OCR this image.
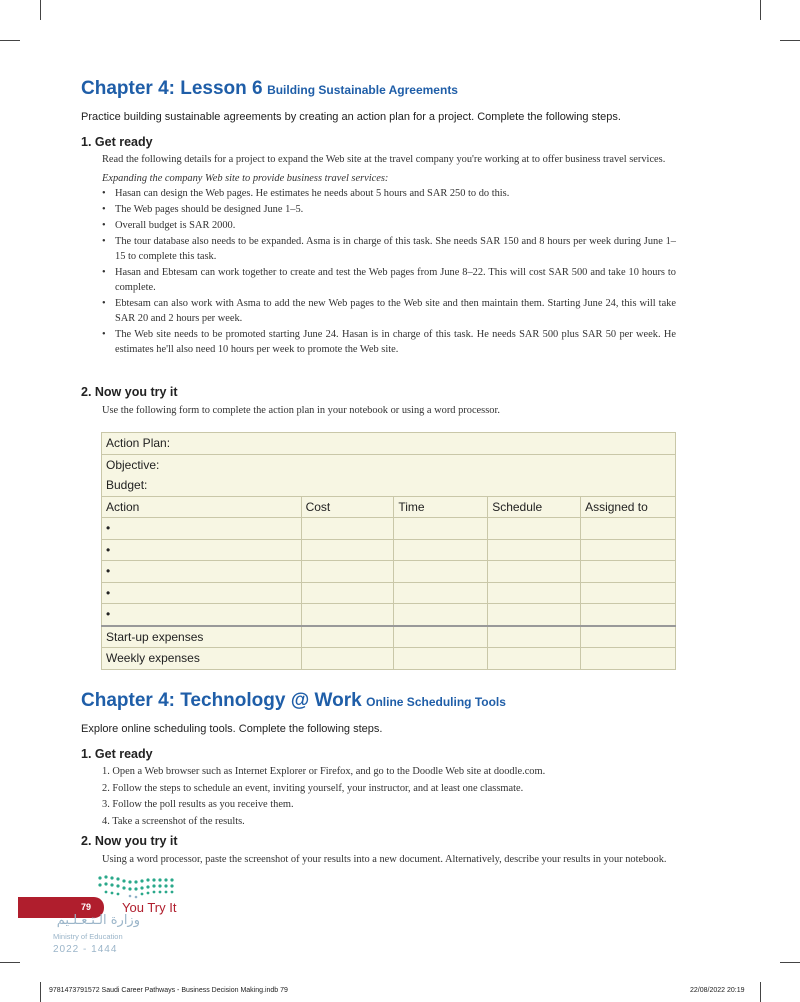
Chapter 4: Lesson 6 Building Sustainable Agreements
Practice building sustainable agreements by creating an action plan for a project. Complete the following steps.
1. Get ready
Read the following details for a project to expand the Web site at the travel company you're working at to offer business travel services.
Expanding the company Web site to provide business travel services:
• Hasan can design the Web pages. He estimates he needs about 5 hours and SAR 250 to do this.
• The Web pages should be designed June 1–5.
• Overall budget is SAR 2000.
• The tour database also needs to be expanded. Asma is in charge of this task. She needs SAR 150 and 8 hours per week during June 1–15 to complete this task.
• Hasan and Ebtesam can work together to create and test the Web pages from June 8–22. This will cost SAR 500 and take 10 hours to complete.
• Ebtesam can also work with Asma to add the new Web pages to the Web site and then maintain them. Starting June 24, this will take SAR 20 and 2 hours per week.
• The Web site needs to be promoted starting June 24. Hasan is in charge of this task. He needs SAR 500 plus SAR 50 per week. He estimates he'll also need 10 hours per week to promote the Web site.
2. Now you try it
Use the following form to complete the action plan in your notebook or using a word processor.
Action Plan:				
Objective:				
Budget:				
Action	Cost	Time	Schedule	Assigned to
•				
•				
•				
•				
•				
Start-up expenses				
Weekly expenses				
Chapter 4: Technology @ Work Online Scheduling Tools
Explore online scheduling tools. Complete the following steps.
1. Get ready
1. Open a Web browser such as Internet Explorer or Firefox, and go to the Doodle Web site at doodle.com.
2. Follow the steps to schedule an event, inviting yourself, your instructor, and at least one classmate.
3. Follow the poll results as you receive them.
4. Take a screenshot of the results.
2. Now you try it
Using a word processor, paste the screenshot of your results into a new document. Alternatively, describe your results in your notebook.
79 You Try It
وزارة الـتـعـلـيم
Ministry of Education
2022 - 1444
9781473791572 Saudi Career Pathways - Business Decision Making.indb 79	22/08/2022 20:19
